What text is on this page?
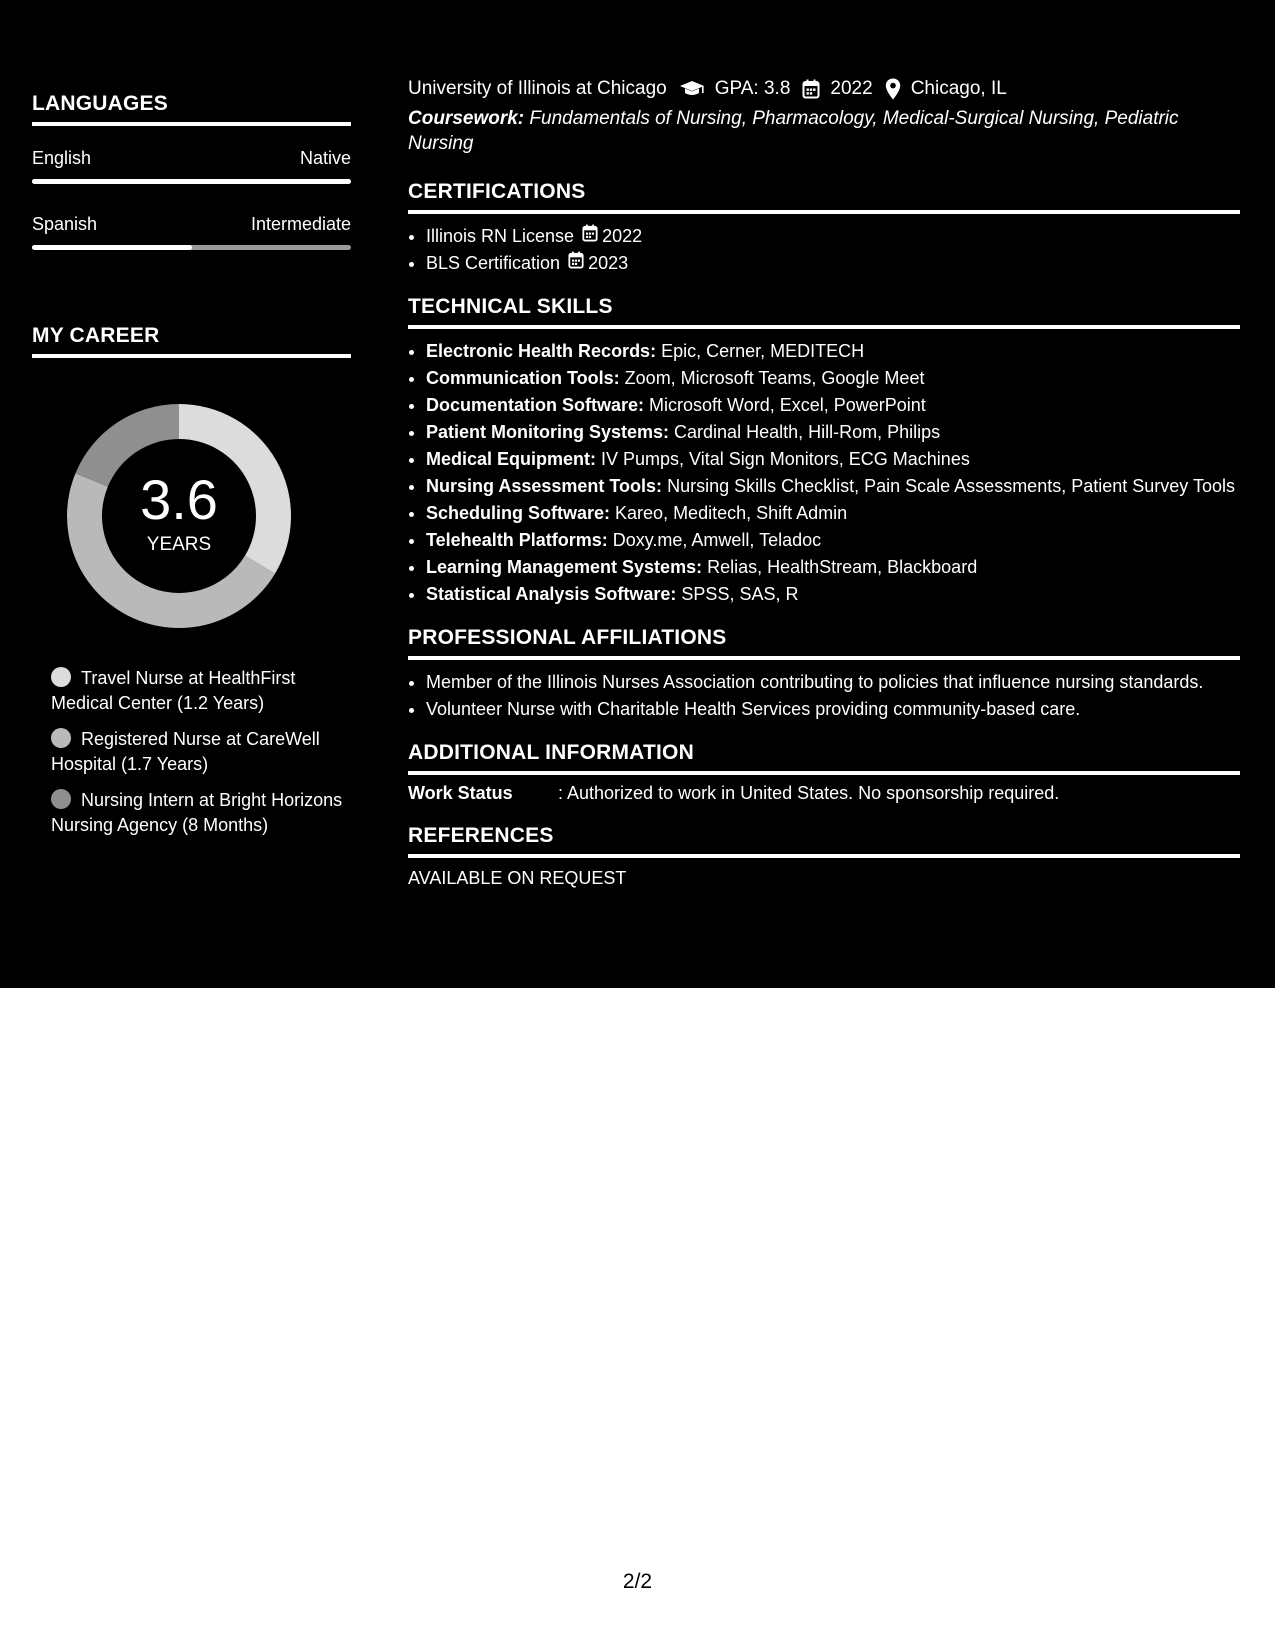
LANGUAGES
English	Native
Spanish	Intermediate
MY CAREER
3.6
YEARS
Travel Nurse at HealthFirst Medical Center (1.2 Years)
Registered Nurse at CareWell Hospital (1.7 Years)
Nursing Intern at Bright Horizons Nursing Agency (8 Months)
University of Illinois at Chicago	GPA: 3.8 2022 Chicago, IL
Coursework: Fundamentals of Nursing, Pharmacology, Medical-Surgical Nursing, Pediatric Nursing
CERTIFICATIONS
• Illinois RN License 2022
• BLS Certification 2023
TECHNICAL SKILLS
• Electronic Health Records: Epic, Cerner, MEDITECH
• Communication Tools: Zoom, Microsoft Teams, Google Meet
• Documentation Software: Microsoft Word, Excel, PowerPoint
• Patient Monitoring Systems: Cardinal Health, Hill-Rom, Philips
• Medical Equipment: IV Pumps, Vital Sign Monitors, ECG Machines
• Nursing Assessment Tools: Nursing Skills Checklist, Pain Scale Assessments, Patient Survey Tools
• Scheduling Software: Kareo, Meditech, Shift Admin
• Telehealth Platforms: Doxy.me, Amwell, Teladoc
• Learning Management Systems: Relias, HealthStream, Blackboard
• Statistical Analysis Software: SPSS, SAS, R
PROFESSIONAL AFFILIATIONS
• Member of the Illinois Nurses Association contributing to policies that influence nursing standards.
• Volunteer Nurse with Charitable Health Services providing community-based care.
ADDITIONAL INFORMATION
Work Status	: Authorized to work in United States. No sponsorship required.
REFERENCES
AVAILABLE ON REQUEST
2/2
